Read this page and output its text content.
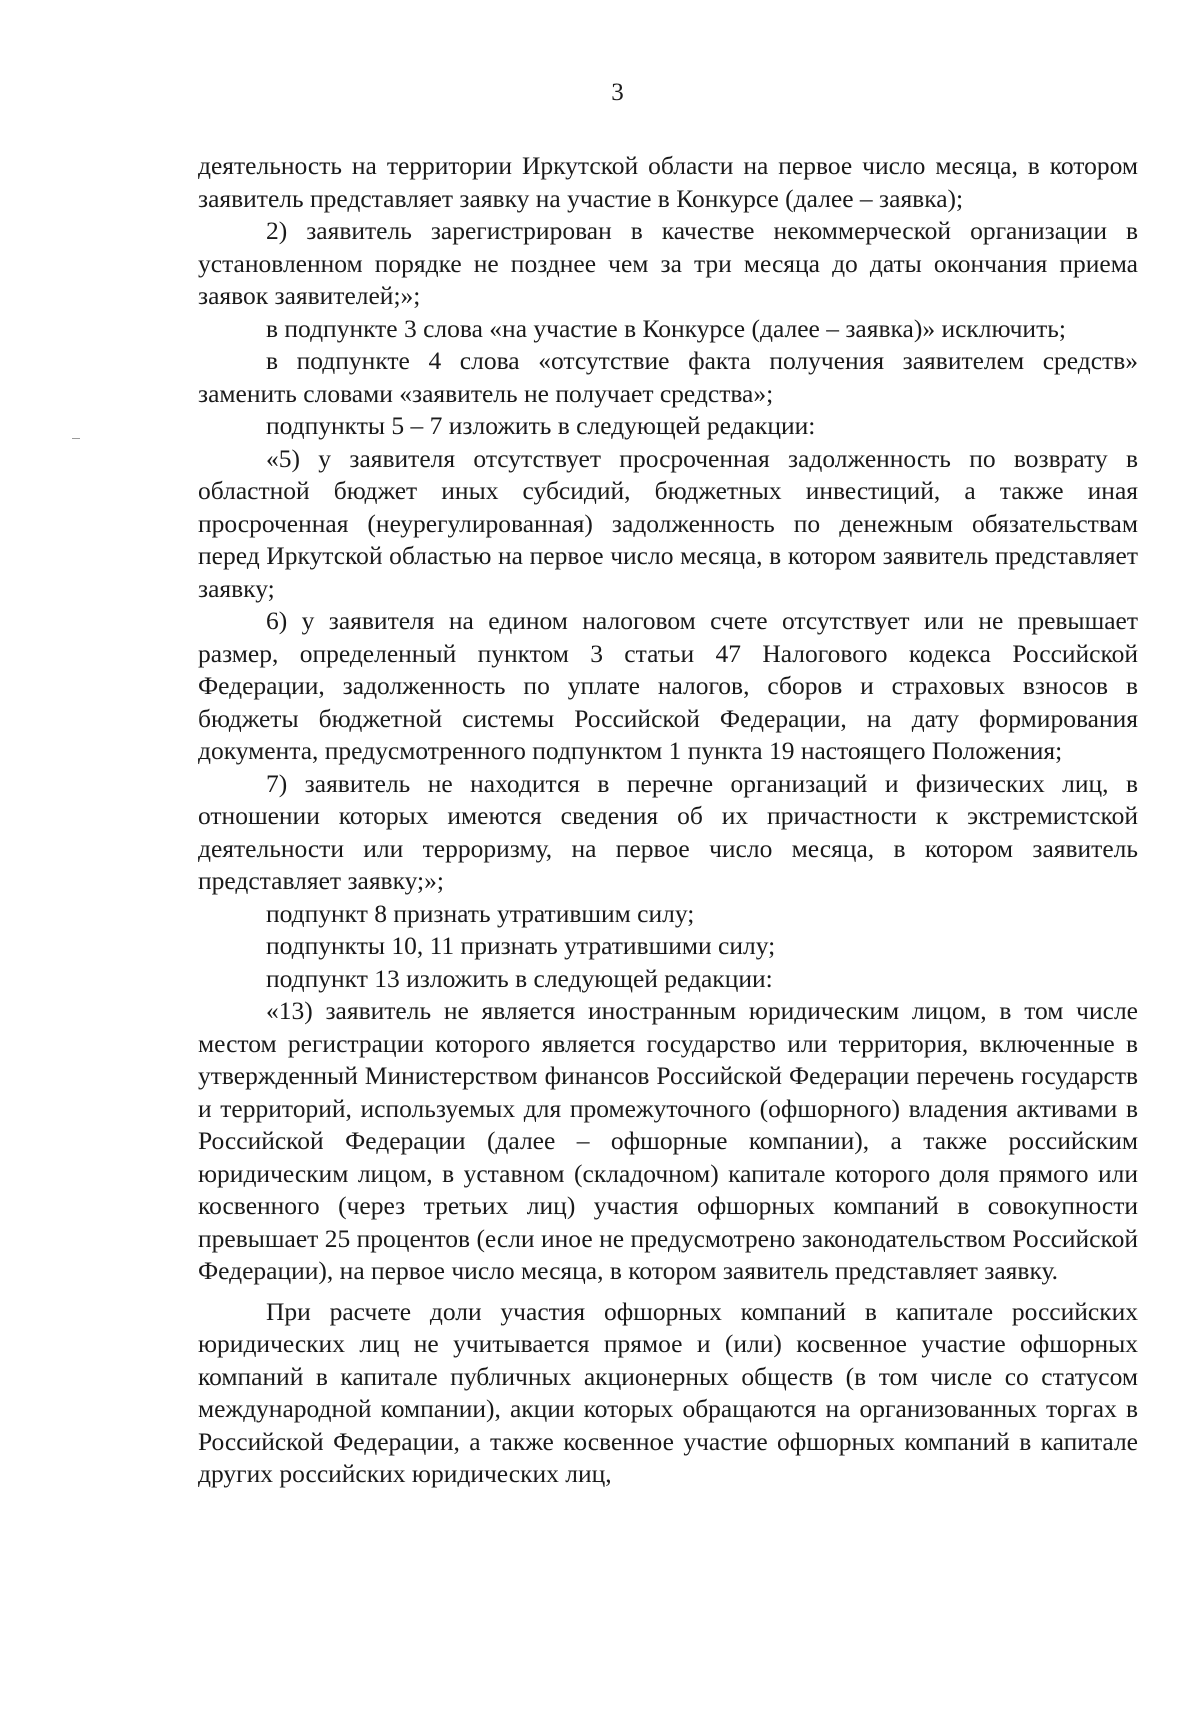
3

деятельность на территории Иркутской области на первое число месяца, в котором заявитель представляет заявку на участие в Конкурсе (далее – заявка);

2) заявитель зарегистрирован в качестве некоммерческой организации в установленном порядке не позднее чем за три месяца до даты окончания приема заявок заявителей;»;

в подпункте 3 слова «на участие в Конкурсе (далее – заявка)» исключить;

в подпункте 4 слова «отсутствие факта получения заявителем средств» заменить словами «заявитель не получает средства»;

подпункты 5 – 7 изложить в следующей редакции:

«5) у заявителя отсутствует просроченная задолженность по возврату в областной бюджет иных субсидий, бюджетных инвестиций, а также иная просроченная (неурегулированная) задолженность по денежным обязательствам перед Иркутской областью на первое число месяца, в котором заявитель представляет заявку;

6) у заявителя на едином налоговом счете отсутствует или не превышает размер, определенный пунктом 3 статьи 47 Налогового кодекса Российской Федерации, задолженность по уплате налогов, сборов и страховых взносов в бюджеты бюджетной системы Российской Федерации, на дату формирования документа, предусмотренного подпунктом 1 пункта 19 настоящего Положения;

7) заявитель не находится в перечне организаций и физических лиц, в отношении которых имеются сведения об их причастности к экстремистской деятельности или терроризму, на первое число месяца, в котором заявитель представляет заявку;»;

подпункт 8 признать утратившим силу;

подпункты 10, 11 признать утратившими силу;

подпункт 13 изложить в следующей редакции:

«13) заявитель не является иностранным юридическим лицом, в том числе местом регистрации которого является государство или территория, включенные в утвержденный Министерством финансов Российской Федерации перечень государств и территорий, используемых для промежуточного (офшорного) владения активами в Российской Федерации (далее – офшорные компании), а также российским юридическим лицом, в уставном (складочном) капитале которого доля прямого или косвенного (через третьих лиц) участия офшорных компаний в совокупности превышает 25 процентов (если иное не предусмотрено законодательством Российской Федерации), на первое число месяца, в котором заявитель представляет заявку.

При расчете доли участия офшорных компаний в капитале российских юридических лиц не учитывается прямое и (или) косвенное участие офшорных компаний в капитале публичных акционерных обществ (в том числе со статусом международной компании), акции которых обращаются на организованных торгах в Российской Федерации, а также косвенное участие офшорных компаний в капитале других российских юридических лиц,
